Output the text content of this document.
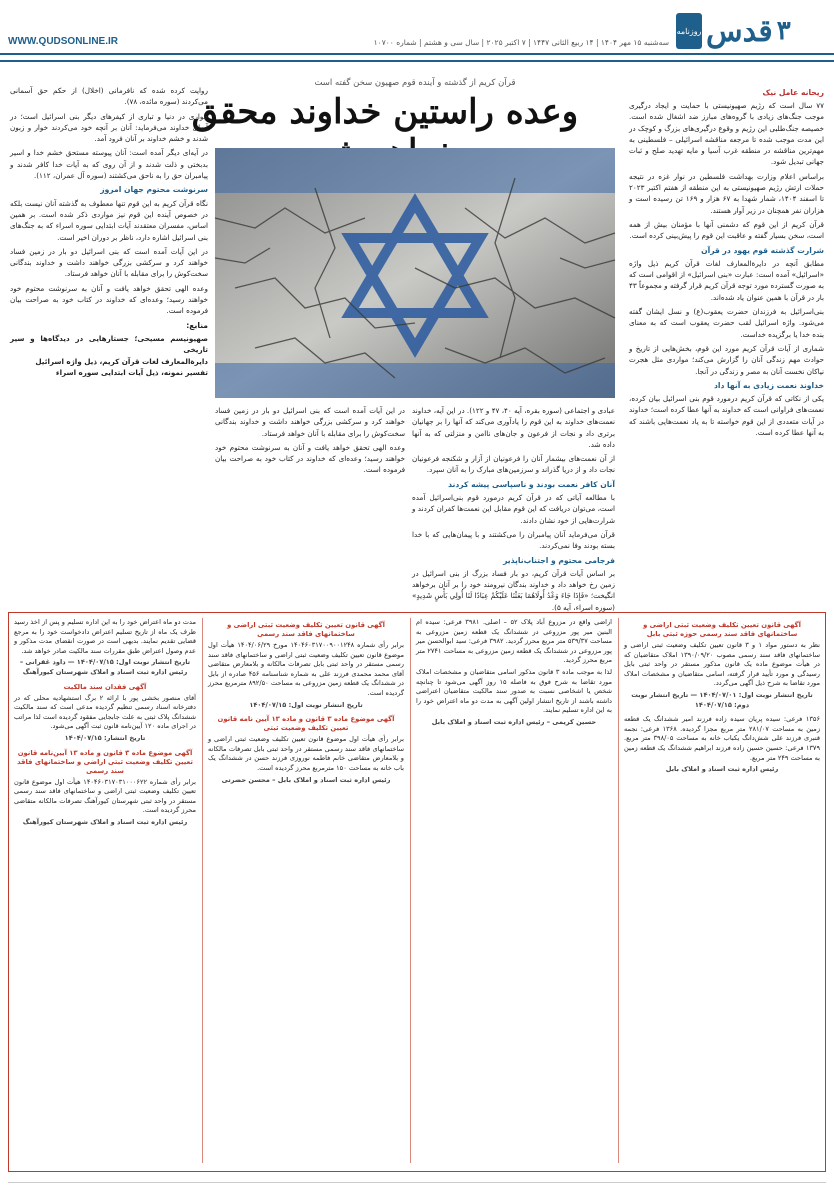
۳
قدس
روزنامه
سه‌شنبه ۱۵ مهر ۱۴۰۴ | ۱۴ ربیع الثانی ۱۴۴۷ | ۷ اکتبر ۲۰۲۵ | سال سی و هشتم | شماره ۱۰۷۰۰
WWW.QUDSONLINE.IR
ریحانه عامل نیک
قرآن کریم از گذشته و آینده قوم صهیون سخن گفته است
وعده راستین خداوند محقق	۷۷ سال است که رژیم صهیونیستی با حمایت و ایجاد درگیری موجب جنگ‌های زیادی با گروه‌های مبارز ضد اشغال شده است. خصیصه جنگ‌طلبی این رژیم و وقوع درگیری‌های بزرگ و کوچک در این مدت موجب شده تا مرجعه مناقشه اسرائیلی – فلسطینی به مهم‌ترین مناقشه در منطقه غرب آسیا و مایه تهدید صلح و ثبات جهانی تبدیل شود.

براساس اعلام وزارت بهداشت فلسطین در نوار غزه در نتیجه حملات ارتش رژیم صهیونیستی به این منطقه از هفتم اکتبر ۲۰۲۳ تا اسفند ۱۴۰۴، شمار شهدا به ۶۷ هزار و ۱۶۹ تن رسیده است و هزاران نفر همچنان در زیر آوار هستند.

قرآن کریم از این قوم که دشمنی آنها با مؤمنان بیش از همه است، سخن بسیار گفته و عاقبت این قوم را پیش‌بینی کرده است.

شرارت گذشته قوم یهود در قرآن

مطابق آنچه در دایرة‌المعارف لغات قرآن کریم ذیل واژه «اسرائیل» آمده است: عبارت «بنی اسرائیل» از اقوامی است که به صورت گسترده مورد توجه قرآن کریم قرار گرفته و مجموعاً ۴۳ بار در قرآن با همین عنوان یاد شده‌اند.

بنی‌اسرائیل به فرزندان حضرت یعقوب(ع) و نسل ایشان گفته می‌شود. واژه اسرائیل لقب حضرت یعقوب است که به معنای بنده خدا یا برگزیده خداست.

شماری از آیات قرآن کریم مورد این قوم، بخش‌هایی از تاریخ و حوادث مهم زندگی آنان را گزارش می‌کند؛ مواردی مثل هجرت نیاکان نخست آنان به مصر و زندگی در آنجا.

خداوند نعمت زیادی به آنها داد

یکی از نکاتی که قرآن کریم درمورد قوم بنی اسرائیل بیان کرده، نعمت‌های فراوانی است که خداوند به آنها عطا کرده است؛ خداوند در آیات متعددی از این قوم خواسته تا به یاد نعمت‌هایی باشند که به آنها عطا کرده است.

عبادی و اجتماعی (سوره بقره، آیه ۴۰، ۴۷ و ۱۲۲). در این آیه، خداوند نعمت‌های خداوند به این قوم را یادآوری می‌کند که آنها را بر جهانیان برتری داد و نجات از فرعون و جان‌های ناامن و منزلتی که به آنها داده شد.

از آن نعمت‌های بیشمار آنان را فرعونیان از آزار و شکنجه فرعونیان نجات داد و از دریا گذراند و سرزمین‌های مبارک را به آنان سپرد.

آنان کافر نعمت بودند و ناسپاسی پیشه کردند

با مطالعه آیاتی که در قرآن کریم درمورد قوم بنی‌اسرائیل آمده است، می‌توان دریافت که این قوم مقابل این نعمت‌ها کفران کردند و شرارت‌هایی از خود نشان دادند.

قرآن می‌فرماید آنان پیامبران را می‌کشتند و با پیمان‌هایی که با خدا بسته بودند وفا نمی‌کردند.

فرجامی محتوم و اجتناب‌ناپذیر

بر اساس آیات قرآن کریم، دو بار فساد بزرگ از بنی اسرائیل در زمین رخ خواهد داد و خداوند بندگان نیرومند خود را بر آنان برخواهد انگیخت؛ «فَإِذَا جَاءَ وَعْدُ أُولَاهُمَا بَعَثْنَا عَلَيْكُمْ عِبَادًا لَنَا أُولِي بَأْسٍ شَدِيدٍ» (سوره اسراء، آیه ۵).

در این آیات آمده است که بنی اسرائیل دو بار در زمین فساد خواهند کرد و سرکشی بزرگی خواهند داشت و خداوند بندگانی سخت‌کوش را برای مقابله با آنان خواهد فرستاد.

وعده الهی تحقق خواهد یافت و آنان به سرنوشت محتوم خود خواهند رسید؛ وعده‌ای که خداوند در کتاب خود به صراحت بیان فرموده است.

روایت کرده شده که نافرمانی (اخلال) از حکم حق آسمانی می‌کردند (سوره مائده، ۷۸).

خواری در دنیا و تباری از کیفرهای دیگر بنی اسرائیل است؛ در آیه‌ای خداوند می‌فرماید: آنان بر آنچه خود می‌کردند خوار و زبون شدند و خشم خداوند بر آنان فرود آمد.

در آیه‌ای دیگر آمده است: آنان پیوسته مستحق خشم خدا و اسیر بدبختی و ذلت شدند و از آن روی که به آیات خدا کافر شدند و پیامبران حق را به ناحق می‌کشتند (سوره آل عمران، ۱۱۲).

سرنوشت محتوم جهان امروز

نگاه قرآن کریم به این قوم تنها معطوف به گذشته آنان نیست بلکه در خصوص آینده این قوم نیز مواردی ذکر شده است. بر همین اساس، مفسران معتقدند آیات ابتدایی سوره اسراء که به جنگ‌های بنی اسرائیل اشاره دارد، ناظر بر دوران اخیر است.

در این آیات آمده است که بنی اسرائیل دو بار در زمین فساد خواهند کرد و سرکشی بزرگی خواهند داشت و خداوند بندگانی سخت‌کوش را برای مقابله با آنان خواهد فرستاد.

وعده الهی تحقق خواهد یافت و آنان به سرنوشت محتوم خود خواهند رسید؛ وعده‌ای که خداوند در کتاب خود به صراحت بیان فرموده است.

منابع:

صهیونیسم مسیحی؛ جستارهایی در دیدگاه‌ها و سیر تاریخی

دایرة‌المعارف لغات قرآن کریم، ذیل واژه اسرائیل

تفسیر نمونه، ذیل آیات ابتدایی سوره اسراء

آگهی قانون تعیین تکلیف وضعیت ثبتی اراضی و ساختمانهای فاقد سند رسمی حوزه ثبتی بابل

نظر به دستور مواد ۱ و ۳ قانون تعیین تکلیف وضعیت ثبتی اراضی و ساختمانهای فاقد سند رسمی مصوب ۱۳۹۰/۰۹/۲۰ املاک متقاضیان که در هیأت موضوع ماده یک قانون مذکور مستقر در واحد ثبتی بابل رسیدگی و مورد تأیید قرار گرفته، اسامی متقاضیان و مشخصات املاک مورد تقاضا به شرح ذیل آگهی می‌گردد.

تاریخ انتشار نوبت اول: ۱۴۰۴/۰۷/۰۱ — تاریخ انتشار نوبت دوم: ۱۴۰۴/۰۷/۱۵

۱۳۵۶ فرعی: سیده پریان سیده زاده فرزند امیر ششدانگ یک قطعه زمین به مساحت ۲۸۱/۰۷ متر مربع مجزا گردیده. ۱۳۶۸ فرعی: نجمه قنبری فرزند علی شش‌دانگ یکباب خانه به مساحت ۳۹۸/۰۵ متر مربع. ۱۳۷۹ فرعی: حسین حسین زاده فرزند ابراهیم ششدانگ یک قطعه زمین به مساحت ۲۴۹ متر مربع.

رئیس اداره ثبت اسناد و املاک بابل

اراضی واقع در مزروع آباد پلاک ۵۲ – اصلی. ۳۹۸۱ فرعی: سیده ام البنین میر پور مزروعی در ششدانگ یک قطعه زمین مزروعی به مساحت ۵۳۹/۳۷ متر مربع محرز گردید. ۳۹۸۲ فرعی: سید ابوالحسن میر پور مزروعی در ششدانگ یک قطعه زمین مزروعی به مساحت ۲۷۴۱ متر مربع محرز گردید.

لذا به موجب ماده ۳ قانون مذکور اسامی متقاضیان و مشخصات املاک مورد تقاضا به شرح فوق به فاصله ۱۵ روز آگهی می‌شود تا چنانچه شخص یا اشخاصی نسبت به صدور سند مالکیت متقاضیان اعتراضی داشته باشند از تاریخ انتشار اولین آگهی به مدت دو ماه اعتراض خود را به این اداره تسلیم نمایند.

حسین کریمی – رئیس اداره ثبت اسناد و املاک بابل
آگهی قانون تعیین تکلیف وضعیت ثبتی اراضی و ساختمانهای فاقد سند رسمی

برابر رأی شماره ۱۴۰۴۶۰۳۱۷۰۰۹۰۰۱۲۴۸ مورخ ۱۴۰۴/۰۶/۲۹ هیأت اول موضوع قانون تعیین تکلیف وضعیت ثبتی اراضی و ساختمانهای فاقد سند رسمی مستقر در واحد ثبتی بابل تصرفات مالکانه و بلامعارض متقاضی آقای محمد محمدی فرزند علی به شماره شناسنامه ۴۵۶ صادره از بابل در ششدانگ یک قطعه زمین مزروعی به مساحت ۸۹۲/۵۰ مترمربع محرز گردیده است.

تاریخ انتشار نوبت اول: ۱۴۰۴/۰۷/۱۵
آگهی موضوع ماده ۳ قانون و ماده ۱۳ آیین نامه قانون تعیین تکلیف وضعیت ثبتی

برابر رأی هیأت اول موضوع قانون تعیین تکلیف وضعیت ثبتی اراضی و ساختمانهای فاقد سند رسمی مستقر در واحد ثبتی بابل تصرفات مالکانه و بلامعارض متقاضی خانم فاطمه نوروزی فرزند حسن در ششدانگ یک باب خانه به مساحت ۱۵۰ مترمربع محرز گردیده است.

رئیس اداره ثبت اسناد و املاک بابل – محسن حضرتی

مدت دو ماه اعتراض خود را به این اداره تسلیم و پس از اخذ رسید ظرف یک ماه از تاریخ تسلیم اعتراض دادخواست خود را به مرجع قضایی تقدیم نمایند. بدیهی است در صورت انقضای مدت مذکور و عدم وصول اعتراض طبق مقررات سند مالکیت صادر خواهد شد.

تاریخ انتشار نوبت اول: ۱۴۰۴/۰۷/۱۵ — داود غفرانی – رئیس اداره ثبت اسناد و املاک شهرستان کیورآهنگ
آگهی فقدان سند مالکیت

آقای منصور بخشی پور با ارائه ۲ برگ استشهادیه محلی که در دفترخانه اسناد رسمی تنظیم گردیده مدعی است که سند مالکیت ششدانگ پلاک ثبتی به علت جابجایی مفقود گردیده است لذا مراتب در اجرای ماده ۱۲۰ آیین‌نامه قانون ثبت آگهی می‌شود.

تاریخ انتشار: ۱۴۰۴/۰۷/۱۵
آگهی موضوع ماده ۳ قانون و ماده ۱۳ آیین‌نامه قانون تعیین تکلیف وضعیت ثبتی اراضی و ساختمانهای فاقد سند رسمی

برابر رأی شماره ۱۴۰۴۶۰۳۱۷۰۳۱۰۰۰۶۲۲ هیأت اول موضوع قانون تعیین تکلیف وضعیت ثبتی اراضی و ساختمانهای فاقد سند رسمی مستقر در واحد ثبتی شهرستان کیورآهنگ تصرفات مالکانه متقاضی محرز گردیده است.

رئیس اداره ثبت اسناد و املاک شهرستان کیورآهنگ
